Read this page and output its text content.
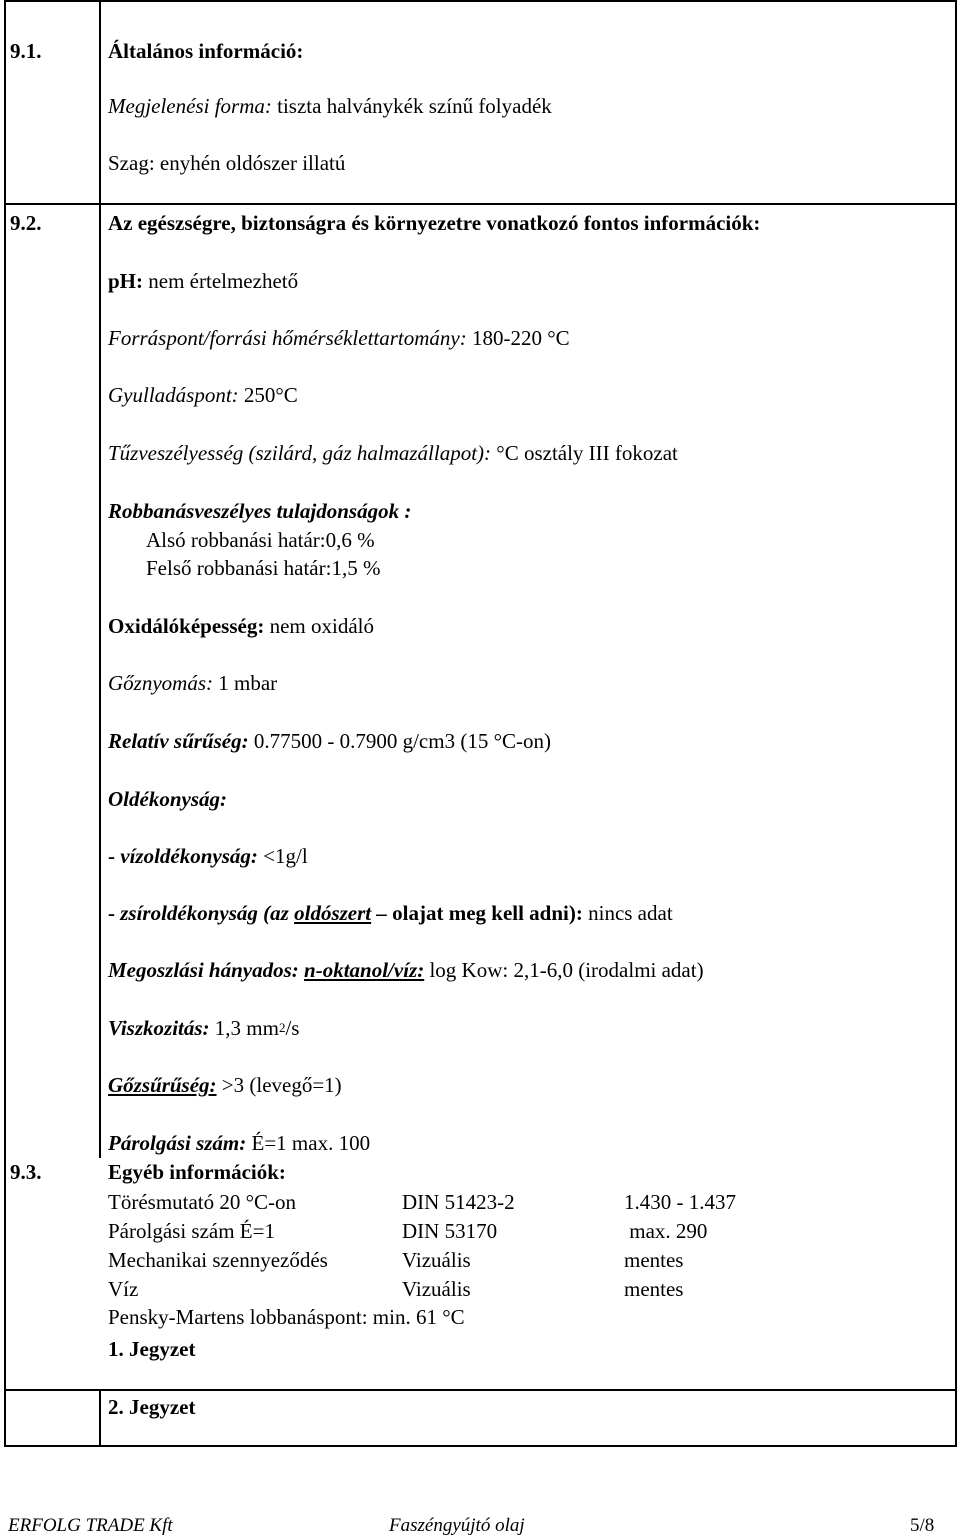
9.1.	Általános információ:
Megjelenési forma: tiszta halványkék színű folyadék
Szag: enyhén oldószer illatú
9.2.	Az egészségre, biztonságra és környezetre vonatkozó fontos információk:
pH: nem értelmezhető
Forráspont/forrási hőmérséklettartomány: 180-220 °C
Gyulladáspont: 250°C
Tűzveszélyesség (szilárd, gáz halmazállapot): °C osztály III fokozat
Robbanásveszélyes tulajdonságok :
Alsó robbanási határ:0,6 %
Felső robbanási határ:1,5 %
Oxidálóképesség: nem oxidáló
Gőznyomás: 1 mbar
Relatív sűrűség: 0.77500 - 0.7900 g/cm3 (15 °C-on)
Oldékonyság:
- vízoldékonyság: <1g/l
- zsíroldékonyság (az oldószert – olajat meg kell adni): nincs adat
Megoszlási hányados: n-oktanol/víz: log Kow: 2,1-6,0 (irodalmi adat)
Viszkozitás: 1,3 $mm^2/s$
Gőzsűrűség: >3 (levegő=1)
Párolgási szám: É=1 max. 100
9.3.	Egyéb információk:
Törésmutató 20 °C-on	DIN 51423-2	1.430 - 1.437
Párolgási szám É=1	DIN 53170	max. 290
Mechanikai szennyeződés	Vizuális	mentes
Víz	Vizuális	mentes
Pensky-Martens lobbanáspont: min. 61 °C
1. Jegyzet
2. Jegyzet
ERFOLG TRADE Kft	Faszéngyújtó olaj	5/8
